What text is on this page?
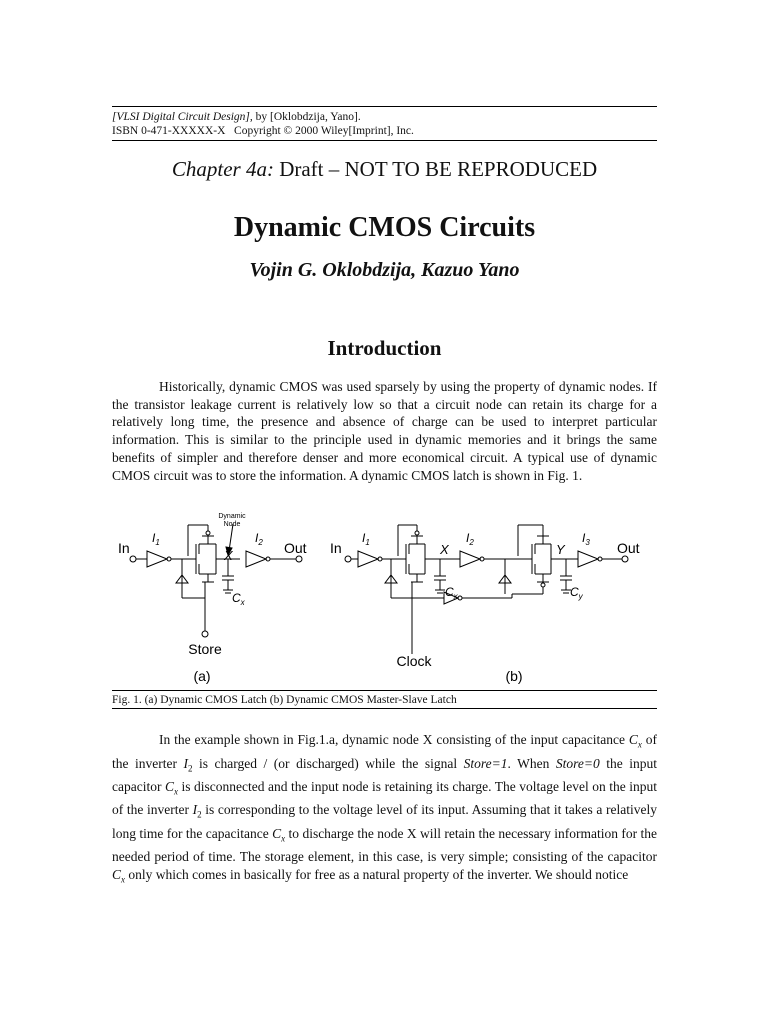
[VLSI Digital Circuit Design], by [Oklobdzija, Yano].
ISBN 0-471-XXXXX-X   Copyright © 2000 Wiley[Imprint], Inc.
Chapter 4a: Draft – NOT TO BE REPRODUCED
Dynamic CMOS Circuits
Vojin G. Oklobdzija, Kazuo Yano
Introduction

Historically, dynamic CMOS was used sparsely by using the property of dynamic nodes. If the transistor leakage current is relatively low so that a circuit node can retain its charge for a relatively long time, the presence and absence of charge can be used to interpret particular information. This is similar to the principle used in dynamic memories and it brings the same benefits of simpler and therefore denser and more economical circuit. A typical use of dynamic CMOS circuit was to store the information. A dynamic CMOS latch is shown in Fig. 1.

In
$I_1$
X
Dynamic
Node
$I_2$
$C_x$
Out
Store
(a)
In
$I_1$	X
$I_2$
$C_x$
Y
$I_3$
$C_y$
Out
Clock
(b)
Fig. 1. (a) Dynamic CMOS Latch (b) Dynamic CMOS Master-Slave Latch

In the example shown in Fig.1.a, dynamic node X consisting of the input capacitance $C_x$ of the inverter $I_2$ is charged / (or discharged) while the signal Store=1. When Store=0 the input capacitor $C_x$ is disconnected and the input node is retaining its charge. The voltage level on the input of the inverter $I_2$ is corresponding to the voltage level of its input. Assuming that it takes a relatively long time for the capacitance $C_x$ to discharge the node X will retain the necessary information for the needed period of time. The storage element, in this case, is very simple; consisting of the capacitor $C_x$ only which comes in basically for free as a natural property of the inverter. We should notice
